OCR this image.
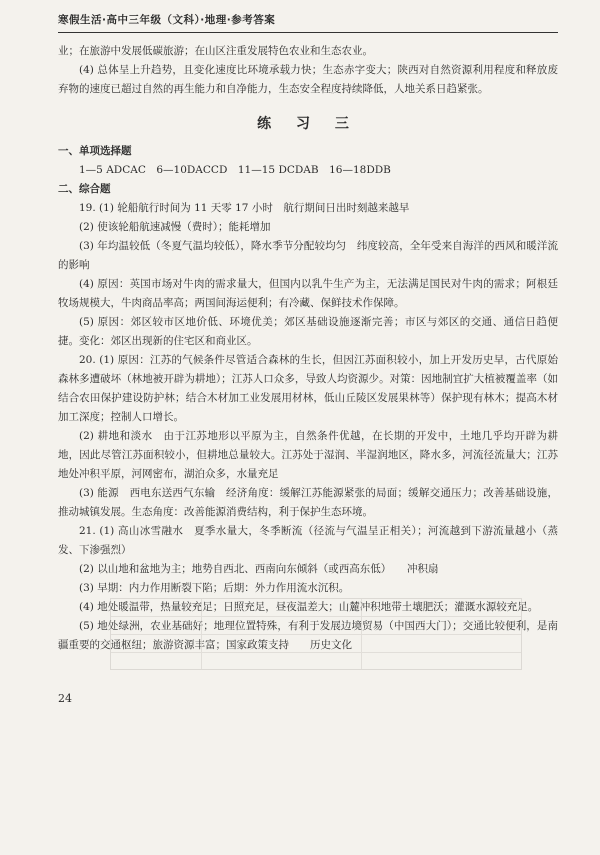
寒假生活·高中三年级（文科）·地理·参考答案

业；在旅游中发展低碳旅游；在山区注重发展特色农业和生态农业。

(4) 总体呈上升趋势，且变化速度比环境承载力快；生态赤字变大；陕西对自然资源利用程度和释放废弃物的速度已超过自然的再生能力和自净能力，生态安全程度持续降低，人地关系日趋紧张。

练 习 三
一、单项选择题

1—5 ADCAC　6—10DACCD　11—15 DCDAB　16—18DDB

二、综合题

19. (1) 轮船航行时间为 11 天零 17 小时　航行期间日出时刻越来越早

(2) 使该轮船航速减慢（费时）；能耗增加

(3) 年均温较低（冬夏气温均较低），降水季节分配较均匀　纬度较高，全年受来自海洋的西风和暖洋流的影响

(4) 原因：英国市场对牛肉的需求量大，但国内以乳牛生产为主，无法满足国民对牛肉的需求；阿根廷牧场规模大，牛肉商品率高；两国间海运便利；有冷藏、保鲜技术作保障。

(5) 原因：郊区较市区地价低、环境优美；郊区基础设施逐渐完善；市区与郊区的交通、通信日趋便捷。变化：郊区出现新的住宅区和商业区。

20. (1) 原因：江苏的气候条件尽管适合森林的生长，但因江苏面积较小，加上开发历史早，古代原始森林多遭破坏（林地被开辟为耕地）；江苏人口众多，导致人均资源少。对策：因地制宜扩大植被覆盖率（如结合农田保护建设防护林；结合木材加工业发展用材林，低山丘陵区发展果林等）保护现有林木；提高木材加工深度；控制人口增长。

(2) 耕地和淡水　由于江苏地形以平原为主，自然条件优越，在长期的开发中，土地几乎均开辟为耕地，因此尽管江苏面积较小，但耕地总量较大。江苏处于湿润、半湿润地区，降水多，河流径流量大；江苏地处冲积平原，河网密布，湖泊众多，水量充足

(3) 能源　西电东送西气东输　经济角度：缓解江苏能源紧张的局面；缓解交通压力；改善基础设施，推动城镇发展。生态角度：改善能源消费结构，利于保护生态环境。

21. (1) 高山冰雪融水　夏季水量大，冬季断流（径流与气温呈正相关）；河流越到下游流量越小（蒸发、下渗强烈）

(2) 以山地和盆地为主；地势自西北、西南向东倾斜（或西高东低）　　冲积扇

(3) 早期：内力作用断裂下陷；后期：外力作用流水沉积。

(4) 地处暖温带，热量较充足；日照充足，昼夜温差大；山麓冲积地带土壤肥沃；灌溉水源较充足。

(5) 地处绿洲，农业基础好；地理位置特殊，有利于发展边境贸易（中国西大门）；交通比较便利，是南疆重要的交通枢纽；旅游资源丰富；国家政策支持　　历史文化

24
